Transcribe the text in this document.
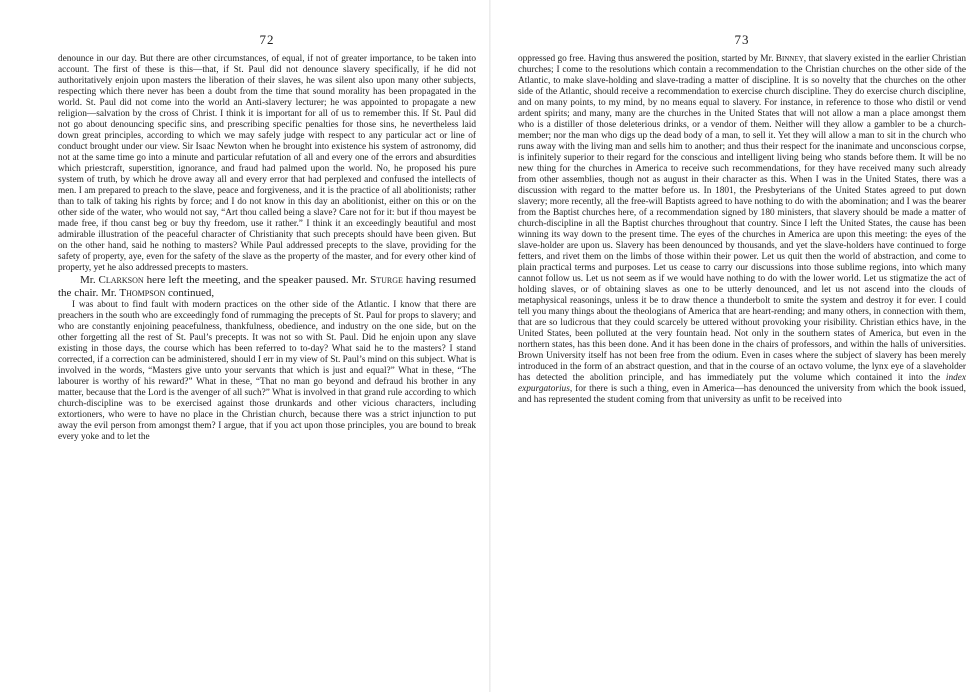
72

denounce in our day. But there are other circumstances, of equal, if not of greater importance, to be taken into account. The first of these is this—that, if St. Paul did not denounce slavery specifically, if he did not authoritatively enjoin upon masters the liberation of their slaves, he was silent also upon many other subjects, respecting which there never has been a doubt from the time that sound morality has been propagated in the world. St. Paul did not come into the world an Anti-slavery lecturer; he was appointed to propagate a new religion—salvation by the cross of Christ. I think it is important for all of us to remember this. If St. Paul did not go about denouncing specific sins, and prescribing specific penalties for those sins, he nevertheless laid down great principles, according to which we may safely judge with respect to any particular act or line of conduct brought under our view. Sir Isaac Newton when he brought into existence his system of astronomy, did not at the same time go into a minute and particular refutation of all and every one of the errors and absurdities which priestcraft, superstition, ignorance, and fraud had palmed upon the world. No, he proposed his pure system of truth, by which he drove away all and every error that had perplexed and confused the intellects of men. I am prepared to preach to the slave, peace and forgiveness, and it is the practice of all abolitionists; rather than to talk of taking his rights by force; and I do not know in this day an abolitionist, either on this or on the other side of the water, who would not say, “Art thou called being a slave? Care not for it: but if thou mayest be made free, if thou canst beg or buy thy freedom, use it rather.” I think it an exceedingly beautiful and most admirable illustration of the peaceful character of Christianity that such precepts should have been given. But on the other hand, said he nothing to masters? While Paul addressed precepts to the slave, providing for the safety of property, aye, even for the safety of the slave as the property of the master, and for every other kind of property, yet he also addressed precepts to masters.

Mr. Clarkson here left the meeting, and the speaker paused. Mr. Sturge having resumed the chair. Mr. Thompson continued,

I was about to find fault with modern practices on the other side of the Atlantic. I know that there are preachers in the south who are exceedingly fond of rummaging the precepts of St. Paul for props to slavery; and who are constantly enjoining peacefulness, thankfulness, obedience, and industry on the one side, but on the other forgetting all the rest of St. Paul’s precepts. It was not so with St. Paul. Did he enjoin upon any slave existing in those days, the course which has been referred to to-day? What said he to the masters? I stand corrected, if a correction can be administered, should I err in my view of St. Paul’s mind on this subject. What is involved in the words, “Masters give unto your servants that which is just and equal?” What in these, “The labourer is worthy of his reward?” What in these, “That no man go beyond and defraud his brother in any matter, because that the Lord is the avenger of all such?” What is involved in that grand rule according to which church-discipline was to be exercised against those drunkards and other vicious characters, including extortioners, who were to have no place in the Christian church, because there was a strict injunction to put away the evil person from amongst them? I argue, that if you act upon those principles, you are bound to break every yoke and to let the

73

oppressed go free. Having thus answered the position, started by Mr. Binney, that slavery existed in the earlier Christian churches; I come to the resolutions which contain a recommendation to the Christian churches on the other side of the Atlantic, to make slave-holding and slave-trading a matter of discipline. It is so novelty that the churches on the other side of the Atlantic, should receive a recommendation to exercise church discipline. They do exercise church discipline, and on many points, to my mind, by no means equal to slavery. For instance, in reference to those who distil or vend ardent spirits; and many, many are the churches in the United States that will not allow a man a place amongst them who is a distiller of those deleterious drinks, or a vendor of them. Neither will they allow a gambler to be a church-member; nor the man who digs up the dead body of a man, to sell it. Yet they will allow a man to sit in the church who runs away with the living man and sells him to another; and thus their respect for the inanimate and unconscious corpse, is infinitely superior to their regard for the conscious and intelligent living being who stands before them. It will be no new thing for the churches in America to receive such recommendations, for they have received many such already from other assemblies, though not as august in their character as this. When I was in the United States, there was a discussion with regard to the matter before us. In 1801, the Presbyterians of the United States agreed to put down slavery; more recently, all the free-will Baptists agreed to have nothing to do with the abomination; and I was the bearer from the Baptist churches here, of a recommendation signed by 180 ministers, that slavery should be made a matter of church-discipline in all the Baptist churches throughout that country. Since I left the United States, the cause has been winning its way down to the present time. The eyes of the churches in America are upon this meeting: the eyes of the slave-holder are upon us. Slavery has been denounced by thousands, and yet the slave-holders have continued to forge fetters, and rivet them on the limbs of those within their power. Let us quit then the world of abstraction, and come to plain practical terms and purposes. Let us cease to carry our discussions into those sublime regions, into which many cannot follow us. Let us not seem as if we would have nothing to do with the lower world. Let us stigmatize the act of holding slaves, or of obtaining slaves as one to be utterly denounced, and let us not ascend into the clouds of metaphysical reasonings, unless it be to draw thence a thunderbolt to smite the system and destroy it for ever. I could tell you many things about the theologians of America that are heart-rending; and many others, in connection with them, that are so ludicrous that they could scarcely be uttered without provoking your risibility. Christian ethics have, in the United States, been polluted at the very fountain head. Not only in the southern states of America, but even in the northern states, has this been done. And it has been done in the chairs of professors, and within the halls of universities. Brown University itself has not been free from the odium. Even in cases where the subject of slavery has been merely introduced in the form of an abstract question, and that in the course of an octavo volume, the lynx eye of a slaveholder has detected the abolition principle, and has immediately put the volume which contained it into the index expurgatorius, for there is such a thing, even in America—has denounced the university from which the book issued, and has represented the student coming from that university as unfit to be received into
